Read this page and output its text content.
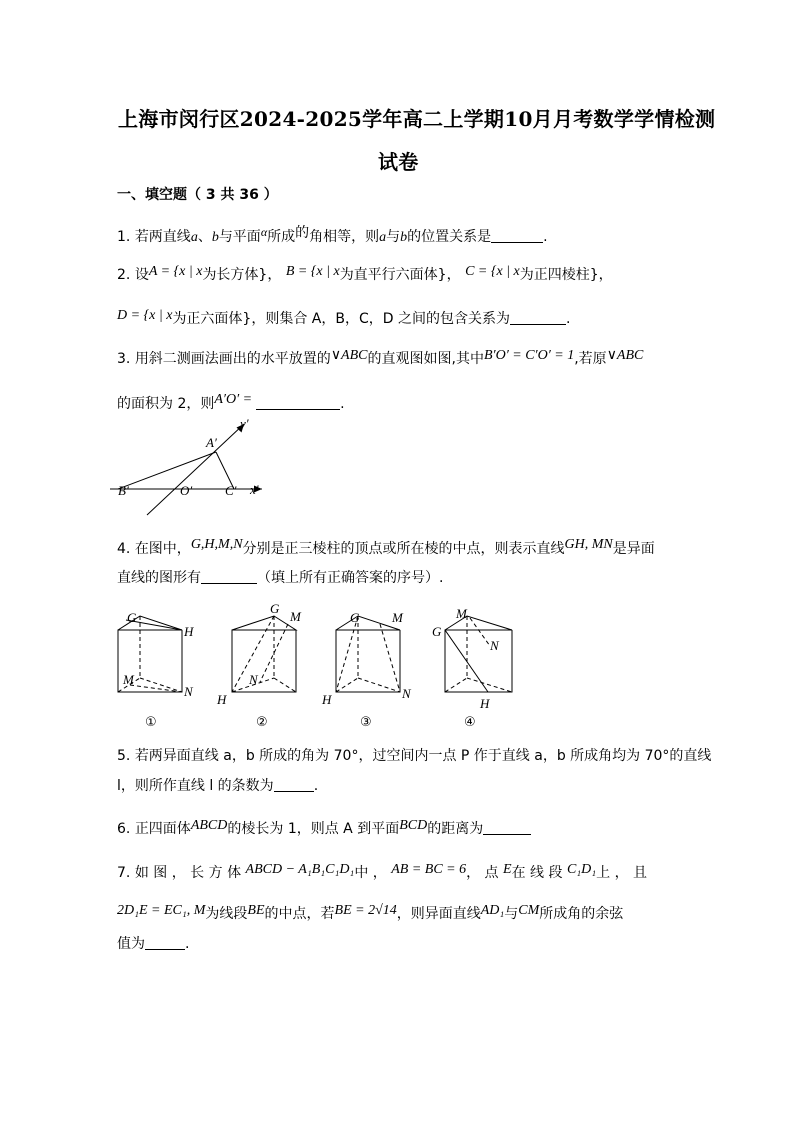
上海市闵行区2024-2025学年高二上学期10月月考数学学情检测
试卷
一、填空题（ 3 共 36 ）
1. 若两直线a、b与平面α所成的角相等，则a与b的位置关系是	.
2. 设A = {x | x为长方体}， B = {x | x为直平行六面体}， C = {x | x为正四棱柱}，
D = {x | x为正六面体}，则集合 A，B，C，D 之间的包含关系为	.
3. 用斜二测画法画出的水平放置的∨ABC的直观图如图,其中B′O′ = C′O′ = 1,若原∨ABC
的面积为 2，则A′O′ =	.
A′
B′	O′	C′ x′
y′
4. 在图中，G,H,M,N分别是正三棱柱的顶点或所在棱的中点，则表示直线GH, MN是异面
直线的图形有	（填上所有正确答案的序号）.
G
H
M
N
①
G
M
N
H
②
G	M
H	N
③
G
M
N
H
④
5. 若两异面直线 a，b 所成的角为 70°，过空间内一点 P 作于直线 a，b 所成角均为 70°的直线
l，则所作直线 l 的条数为	.
6. 正四面体ABCD的棱长为 1，则点 A 到平面BCD的距离为
7. 如 图 ， 长 方 体 ABCD − A₁B₁C₁D₁中 ， AB = BC = 6， 点 E在 线 段 C₁D₁上 ， 且
2D₁E = EC₁, M为线段BE的中点，若BE = 2√14，则异面直线AD₁与CM所成角的余弦
值为	.
